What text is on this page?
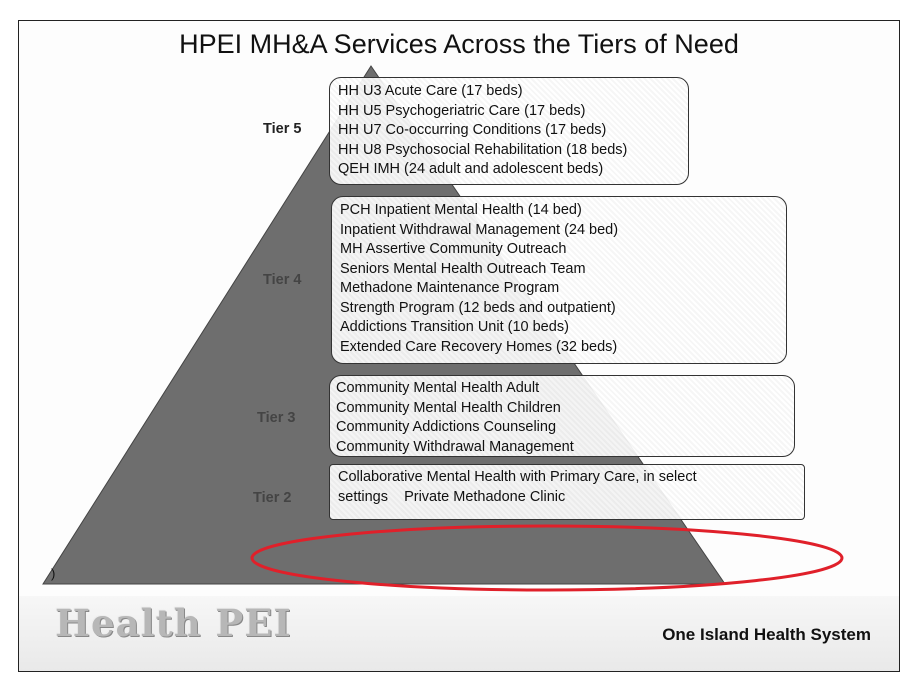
HPEI MH&A Services Across the Tiers of Need
Tier 5
Tier 4
Tier 3
Tier 2
HH U3 Acute Care (17 beds)
HH U5 Psychogeriatric Care (17 beds)
HH U7 Co-occurring Conditions (17 beds)
HH U8 Psychosocial Rehabilitation (18 beds)
QEH IMH (24 adult and adolescent beds)
PCH Inpatient Mental Health (14 bed)
Inpatient Withdrawal Management (24 bed)
MH Assertive Community Outreach
Seniors Mental Health Outreach Team
Methadone Maintenance Program
Strength Program (12 beds and outpatient)
Addictions Transition Unit (10 beds)
Extended Care Recovery Homes (32 beds)
Community Mental Health Adult
Community Mental Health Children
Community Addictions Counseling
Community Withdrawal Management
Collaborative Mental Health with Primary Care, in select
settings    Private Methadone Clinic
)
Health PEI	One Island Health System
